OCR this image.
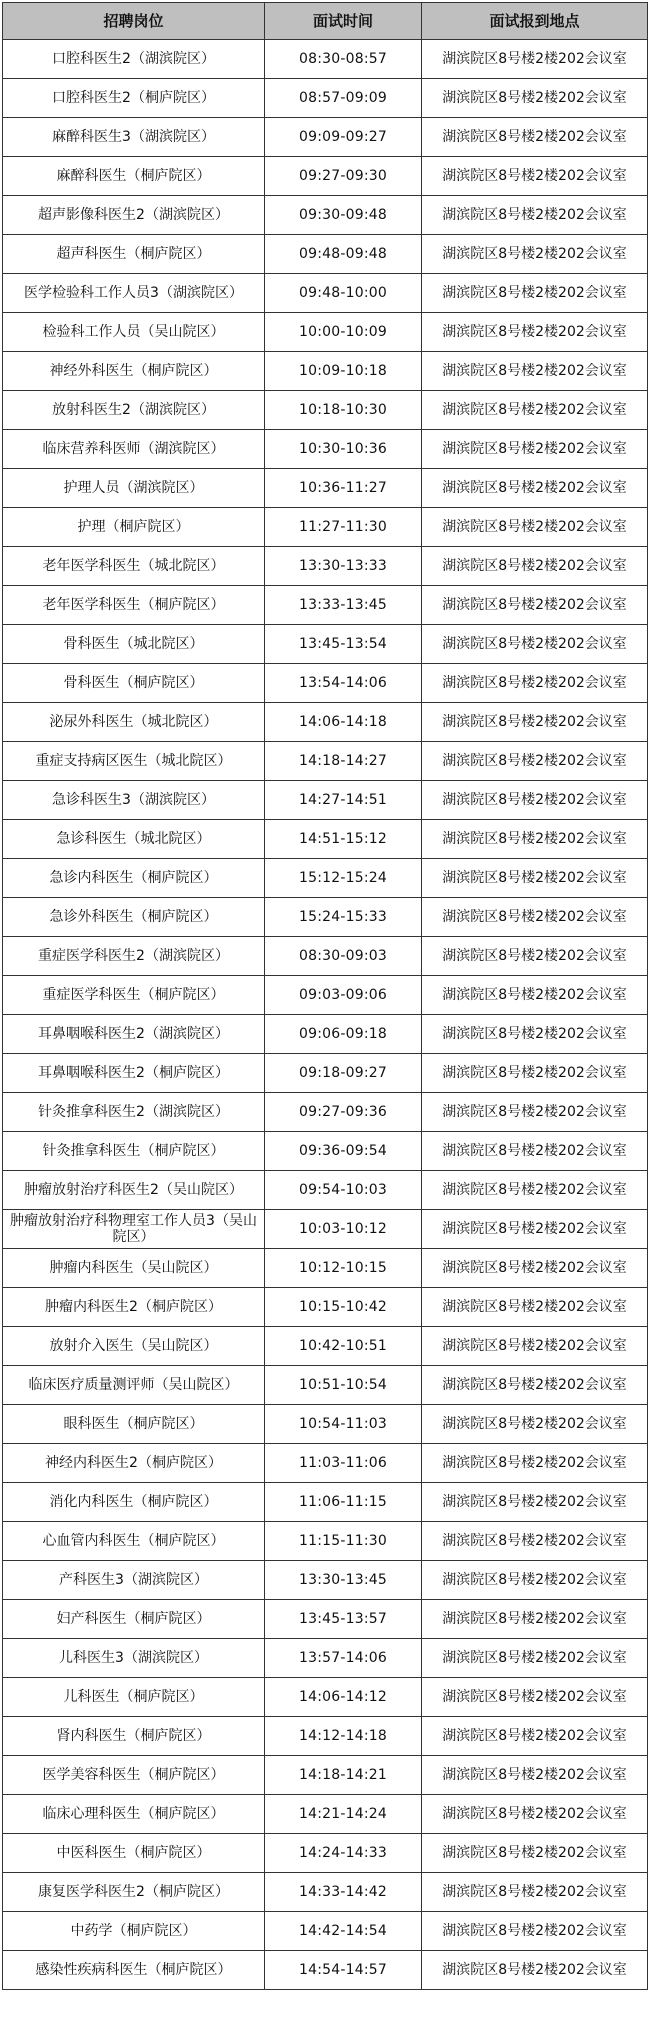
招聘岗位	面试时间	面试报到地点
口腔科医生2（湖滨院区）	08:30-08:57	湖滨院区8号楼2楼202会议室
口腔科医生2（桐庐院区）	08:57-09:09	湖滨院区8号楼2楼202会议室
麻醉科医生3（湖滨院区）	09:09-09:27	湖滨院区8号楼2楼202会议室
麻醉科医生（桐庐院区）	09:27-09:30	湖滨院区8号楼2楼202会议室
超声影像科医生2（湖滨院区）	09:30-09:48	湖滨院区8号楼2楼202会议室
超声科医生（桐庐院区）	09:48-09:48	湖滨院区8号楼2楼202会议室
医学检验科工作人员3（湖滨院区）	09:48-10:00	湖滨院区8号楼2楼202会议室
检验科工作人员（吴山院区）	10:00-10:09	湖滨院区8号楼2楼202会议室
神经外科医生（桐庐院区）	10:09-10:18	湖滨院区8号楼2楼202会议室
放射科医生2（湖滨院区）	10:18-10:30	湖滨院区8号楼2楼202会议室
临床营养科医师（湖滨院区）	10:30-10:36	湖滨院区8号楼2楼202会议室
护理人员（湖滨院区）	10:36-11:27	湖滨院区8号楼2楼202会议室
护理（桐庐院区）	11:27-11:30	湖滨院区8号楼2楼202会议室
老年医学科医生（城北院区）	13:30-13:33	湖滨院区8号楼2楼202会议室
老年医学科医生（桐庐院区）	13:33-13:45	湖滨院区8号楼2楼202会议室
骨科医生（城北院区）	13:45-13:54	湖滨院区8号楼2楼202会议室
骨科医生（桐庐院区）	13:54-14:06	湖滨院区8号楼2楼202会议室
泌尿外科医生（城北院区）	14:06-14:18	湖滨院区8号楼2楼202会议室
重症支持病区医生（城北院区）	14:18-14:27	湖滨院区8号楼2楼202会议室
急诊科医生3（湖滨院区）	14:27-14:51	湖滨院区8号楼2楼202会议室
急诊科医生（城北院区）	14:51-15:12	湖滨院区8号楼2楼202会议室
急诊内科医生（桐庐院区）	15:12-15:24	湖滨院区8号楼2楼202会议室
急诊外科医生（桐庐院区）	15:24-15:33	湖滨院区8号楼2楼202会议室
重症医学科医生2（湖滨院区）	08:30-09:03	湖滨院区8号楼2楼202会议室
重症医学科医生（桐庐院区）	09:03-09:06	湖滨院区8号楼2楼202会议室
耳鼻咽喉科医生2（湖滨院区）	09:06-09:18	湖滨院区8号楼2楼202会议室
耳鼻咽喉科医生2（桐庐院区）	09:18-09:27	湖滨院区8号楼2楼202会议室
针灸推拿科医生2（湖滨院区）	09:27-09:36	湖滨院区8号楼2楼202会议室
针灸推拿科医生（桐庐院区）	09:36-09:54	湖滨院区8号楼2楼202会议室
肿瘤放射治疗科医生2（吴山院区）	09:54-10:03	湖滨院区8号楼2楼202会议室
肿瘤放射治疗科物理室工作人员3（吴山院区）	10:03-10:12	湖滨院区8号楼2楼202会议室
肿瘤内科医生（吴山院区）	10:12-10:15	湖滨院区8号楼2楼202会议室
肿瘤内科医生2（桐庐院区）	10:15-10:42	湖滨院区8号楼2楼202会议室
放射介入医生（吴山院区）	10:42-10:51	湖滨院区8号楼2楼202会议室
临床医疗质量测评师（吴山院区）	10:51-10:54	湖滨院区8号楼2楼202会议室
眼科医生（桐庐院区）	10:54-11:03	湖滨院区8号楼2楼202会议室
神经内科医生2（桐庐院区）	11:03-11:06	湖滨院区8号楼2楼202会议室
消化内科医生（桐庐院区）	11:06-11:15	湖滨院区8号楼2楼202会议室
心血管内科医生（桐庐院区）	11:15-11:30	湖滨院区8号楼2楼202会议室
产科医生3（湖滨院区）	13:30-13:45	湖滨院区8号楼2楼202会议室
妇产科医生（桐庐院区）	13:45-13:57	湖滨院区8号楼2楼202会议室
儿科医生3（湖滨院区）	13:57-14:06	湖滨院区8号楼2楼202会议室
儿科医生（桐庐院区）	14:06-14:12	湖滨院区8号楼2楼202会议室
肾内科医生（桐庐院区）	14:12-14:18	湖滨院区8号楼2楼202会议室
医学美容科医生（桐庐院区）	14:18-14:21	湖滨院区8号楼2楼202会议室
临床心理科医生（桐庐院区）	14:21-14:24	湖滨院区8号楼2楼202会议室
中医科医生（桐庐院区）	14:24-14:33	湖滨院区8号楼2楼202会议室
康复医学科医生2（桐庐院区）	14:33-14:42	湖滨院区8号楼2楼202会议室
中药学（桐庐院区）	14:42-14:54	湖滨院区8号楼2楼202会议室
感染性疾病科医生（桐庐院区）	14:54-14:57	湖滨院区8号楼2楼202会议室
